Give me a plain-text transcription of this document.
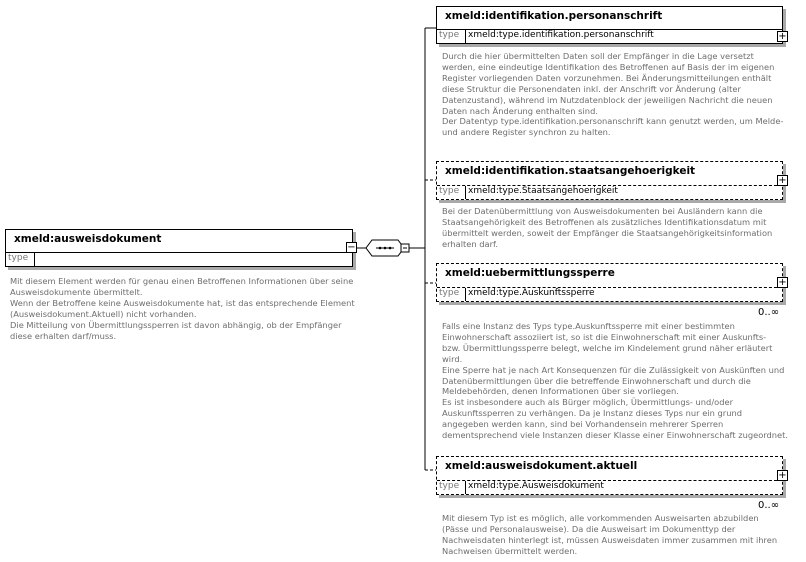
xmeld:ausweisdokument
type
−
Mit diesem Element werden für genau einen Betroffenen Informationen über seine
Ausweisdokumente übermittelt.
Wenn der Betroffene keine Ausweisdokumente hat, ist das entsprechende Element
(Ausweisdokument.Aktuell) nicht vorhanden.
Die Mitteilung von Übermittlungssperren ist davon abhängig, ob der Empfänger
diese erhalten darf/muss.
xmeld:identifikation.personanschrift
type xmeld:type.identifikation.personanschrift	+
Durch die hier übermittelten Daten soll der Empfänger in die Lage versetzt
werden, eine eindeutige Identifikation des Betroffenen auf Basis der im eigenen
Register vorliegenden Daten vorzunehmen. Bei Änderungsmitteilungen enthält
diese Struktur die Personendaten inkl. der Anschrift vor Änderung (alter
Datenzustand), während im Nutzdatenblock der jeweiligen Nachricht die neuen
Daten nach Änderung enthalten sind.
Der Datentyp type.identifikation.personanschrift kann genutzt werden, um Melde-
und andere Register synchron zu halten.
xmeld:identifikation.staatsangehoerigkeit
type xmeld:type.Staatsangehoerigkeit
+
Bei der Datenübermittlung von Ausweisdokumenten bei Ausländern kann die
Staatsangehörigkeit des Betroffenen als zusätzliches Identifikationsdatum mit
übermittelt werden, soweit der Empfänger die Staatsangehörigkeitsinformation
erhalten darf.
xmeld:uebermittlungssperre
type xmeld:type.Auskunftssperre
+
0..∞
Falls eine Instanz des Typs type.Auskunftssperre mit einer bestimmten
Einwohnerschaft assoziiert ist, so ist die Einwohnerschaft mit einer Auskunfts-
bzw. Übermittlungssperre belegt, welche im Kindelement grund näher erläutert
wird.
Eine Sperre hat je nach Art Konsequenzen für die Zulässigkeit von Auskünften und
Datenübermittlungen über die betreffende Einwohnerschaft und durch die
Meldebehörden, denen Informationen über sie vorliegen.
Es ist insbesondere auch als Bürger möglich, Übermittlungs- und/oder
Auskunftssperren zu verhängen. Da je Instanz dieses Typs nur ein grund
angegeben werden kann, sind bei Vorhandensein mehrerer Sperren
dementsprechend viele Instanzen dieser Klasse einer Einwohnerschaft zugeordnet.
xmeld:ausweisdokument.aktuell
type xmeld:type.Ausweisdokument
+
0..∞
Mit diesem Typ ist es möglich, alle vorkommenden Ausweisarten abzubilden
(Pässe und Personalausweise). Da die Ausweisart im Dokumenttyp der
Nachweisdaten hinterlegt ist, müssen Ausweisdaten immer zusammen mit ihren
Nachweisen übermittelt werden.
